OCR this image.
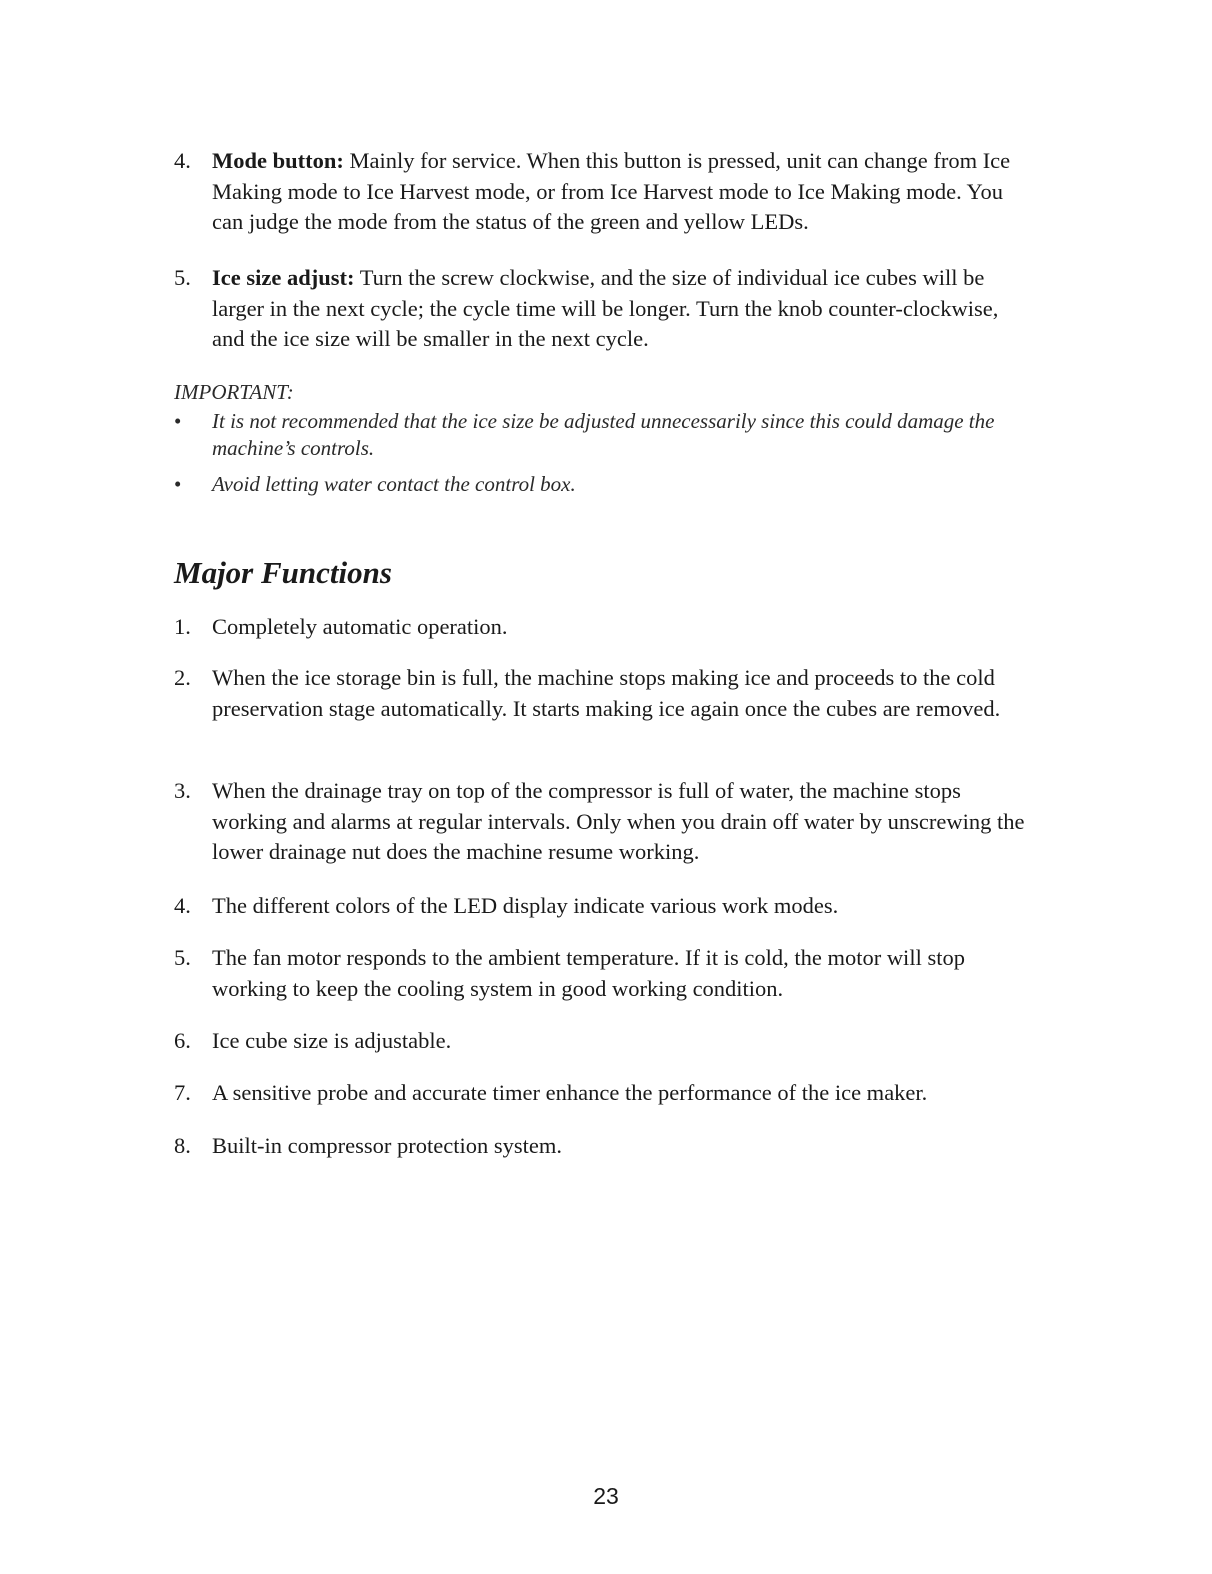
4. Mode button: Mainly for service. When this button is pressed, unit can change from Ice Making mode to Ice Harvest mode, or from Ice Harvest mode to Ice Making mode. You can judge the mode from the status of the green and yellow LEDs.
5. Ice size adjust: Turn the screw clockwise, and the size of individual ice cubes will be larger in the next cycle; the cycle time will be longer. Turn the knob counter-clockwise, and the ice size will be smaller in the next cycle.
IMPORTANT:
• It is not recommended that the ice size be adjusted unnecessarily since this could damage the machine’s controls.
• Avoid letting water contact the control box.
Major Functions
1. Completely automatic operation.
2. When the ice storage bin is full, the machine stops making ice and proceeds to the cold preservation stage automatically. It starts making ice again once the cubes are removed.
3. When the drainage tray on top of the compressor is full of water, the machine stops working and alarms at regular intervals. Only when you drain off water by unscrewing the lower drainage nut does the machine resume working.
4. The different colors of the LED display indicate various work modes.
5. The fan motor responds to the ambient temperature. If it is cold, the motor will stop working to keep the cooling system in good working condition.
6. Ice cube size is adjustable.
7. A sensitive probe and accurate timer enhance the performance of the ice maker.
8. Built-in compressor protection system.
23
